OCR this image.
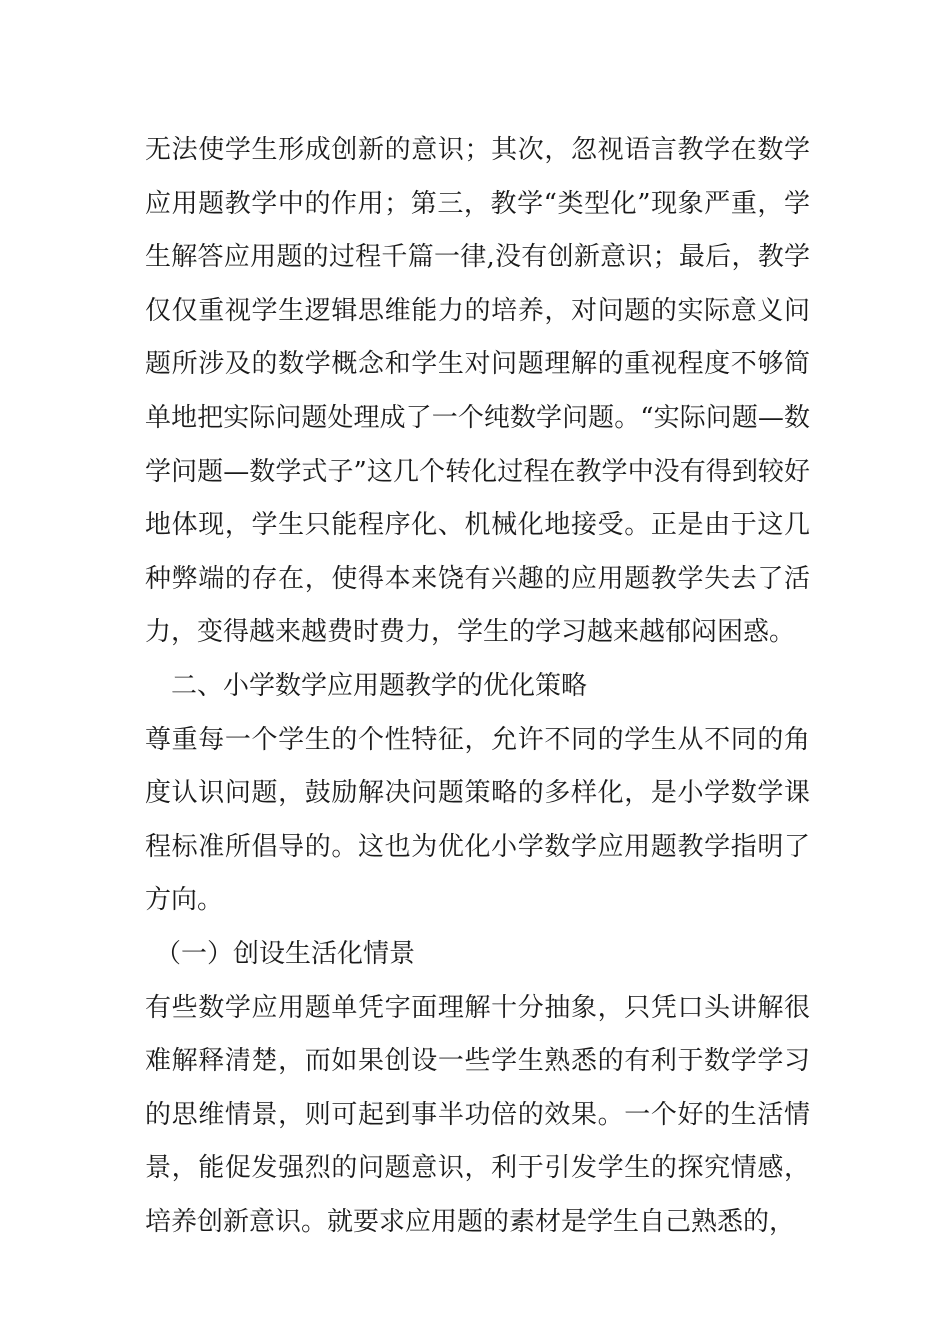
无法使学生形成创新的意识；其次，忽视语言教学在数学应用题教学中的作用；第三，教学“类型化”现象严重，学生解答应用题的过程千篇一律,没有创新意识；最后，教学仅仅重视学生逻辑思维能力的培养，对问题的实际意义问题所涉及的数学概念和学生对问题理解的重视程度不够简单地把实际问题处理成了一个纯数学问题。“实际问题—数学问题—数学式子”这几个转化过程在教学中没有得到较好地体现，学生只能程序化、机械化地接受。正是由于这几种弊端的存在，使得本来饶有兴趣的应用题教学失去了活力，变得越来越费时费力，学生的学习越来越郁闷困惑。

二、小学数学应用题教学的优化策略

尊重每一个学生的个性特征，允许不同的学生从不同的角度认识问题，鼓励解决问题策略的多样化，是小学数学课程标准所倡导的。这也为优化小学数学应用题教学指明了方向。

（一）创设生活化情景

有些数学应用题单凭字面理解十分抽象，只凭口头讲解很难解释清楚，而如果创设一些学生熟悉的有利于数学学习的思维情景，则可起到事半功倍的效果。一个好的生活情景，能促发强烈的问题意识，利于引发学生的探究情感，培养创新意识。就要求应用题的素材是学生自己熟悉的，
